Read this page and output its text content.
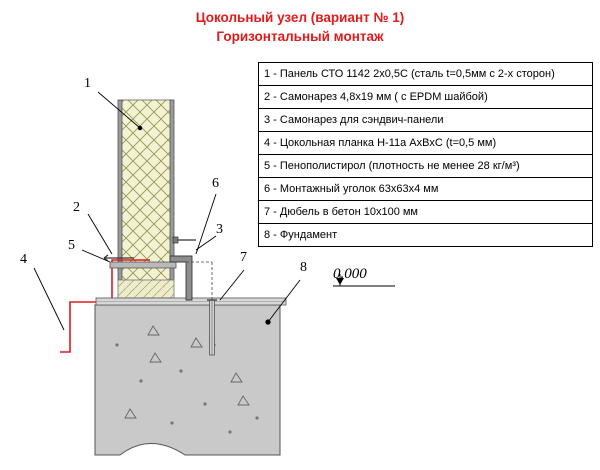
Цокольный узел (вариант № 1)
Горизонтальный монтаж
1 - Панель СТО 1142 2х0,5С (сталь t=0,5мм с 2-х сторон)
2 - Самонарез 4,8х19 мм ( с EPDM шайбой)
3 - Самонарез для сэндвич-панели
4 - Цокольная планка Н-11а АхВхС (t=0,5 мм)
5 - Пенополистирол (плотность не менее 28 кг/м³)
6 - Монтажный уголок 63х63х4 мм
7 - Дюбель в бетон 10х100 мм
8 - Фундамент
1
2
3
4
5
6
7
8 0.000
